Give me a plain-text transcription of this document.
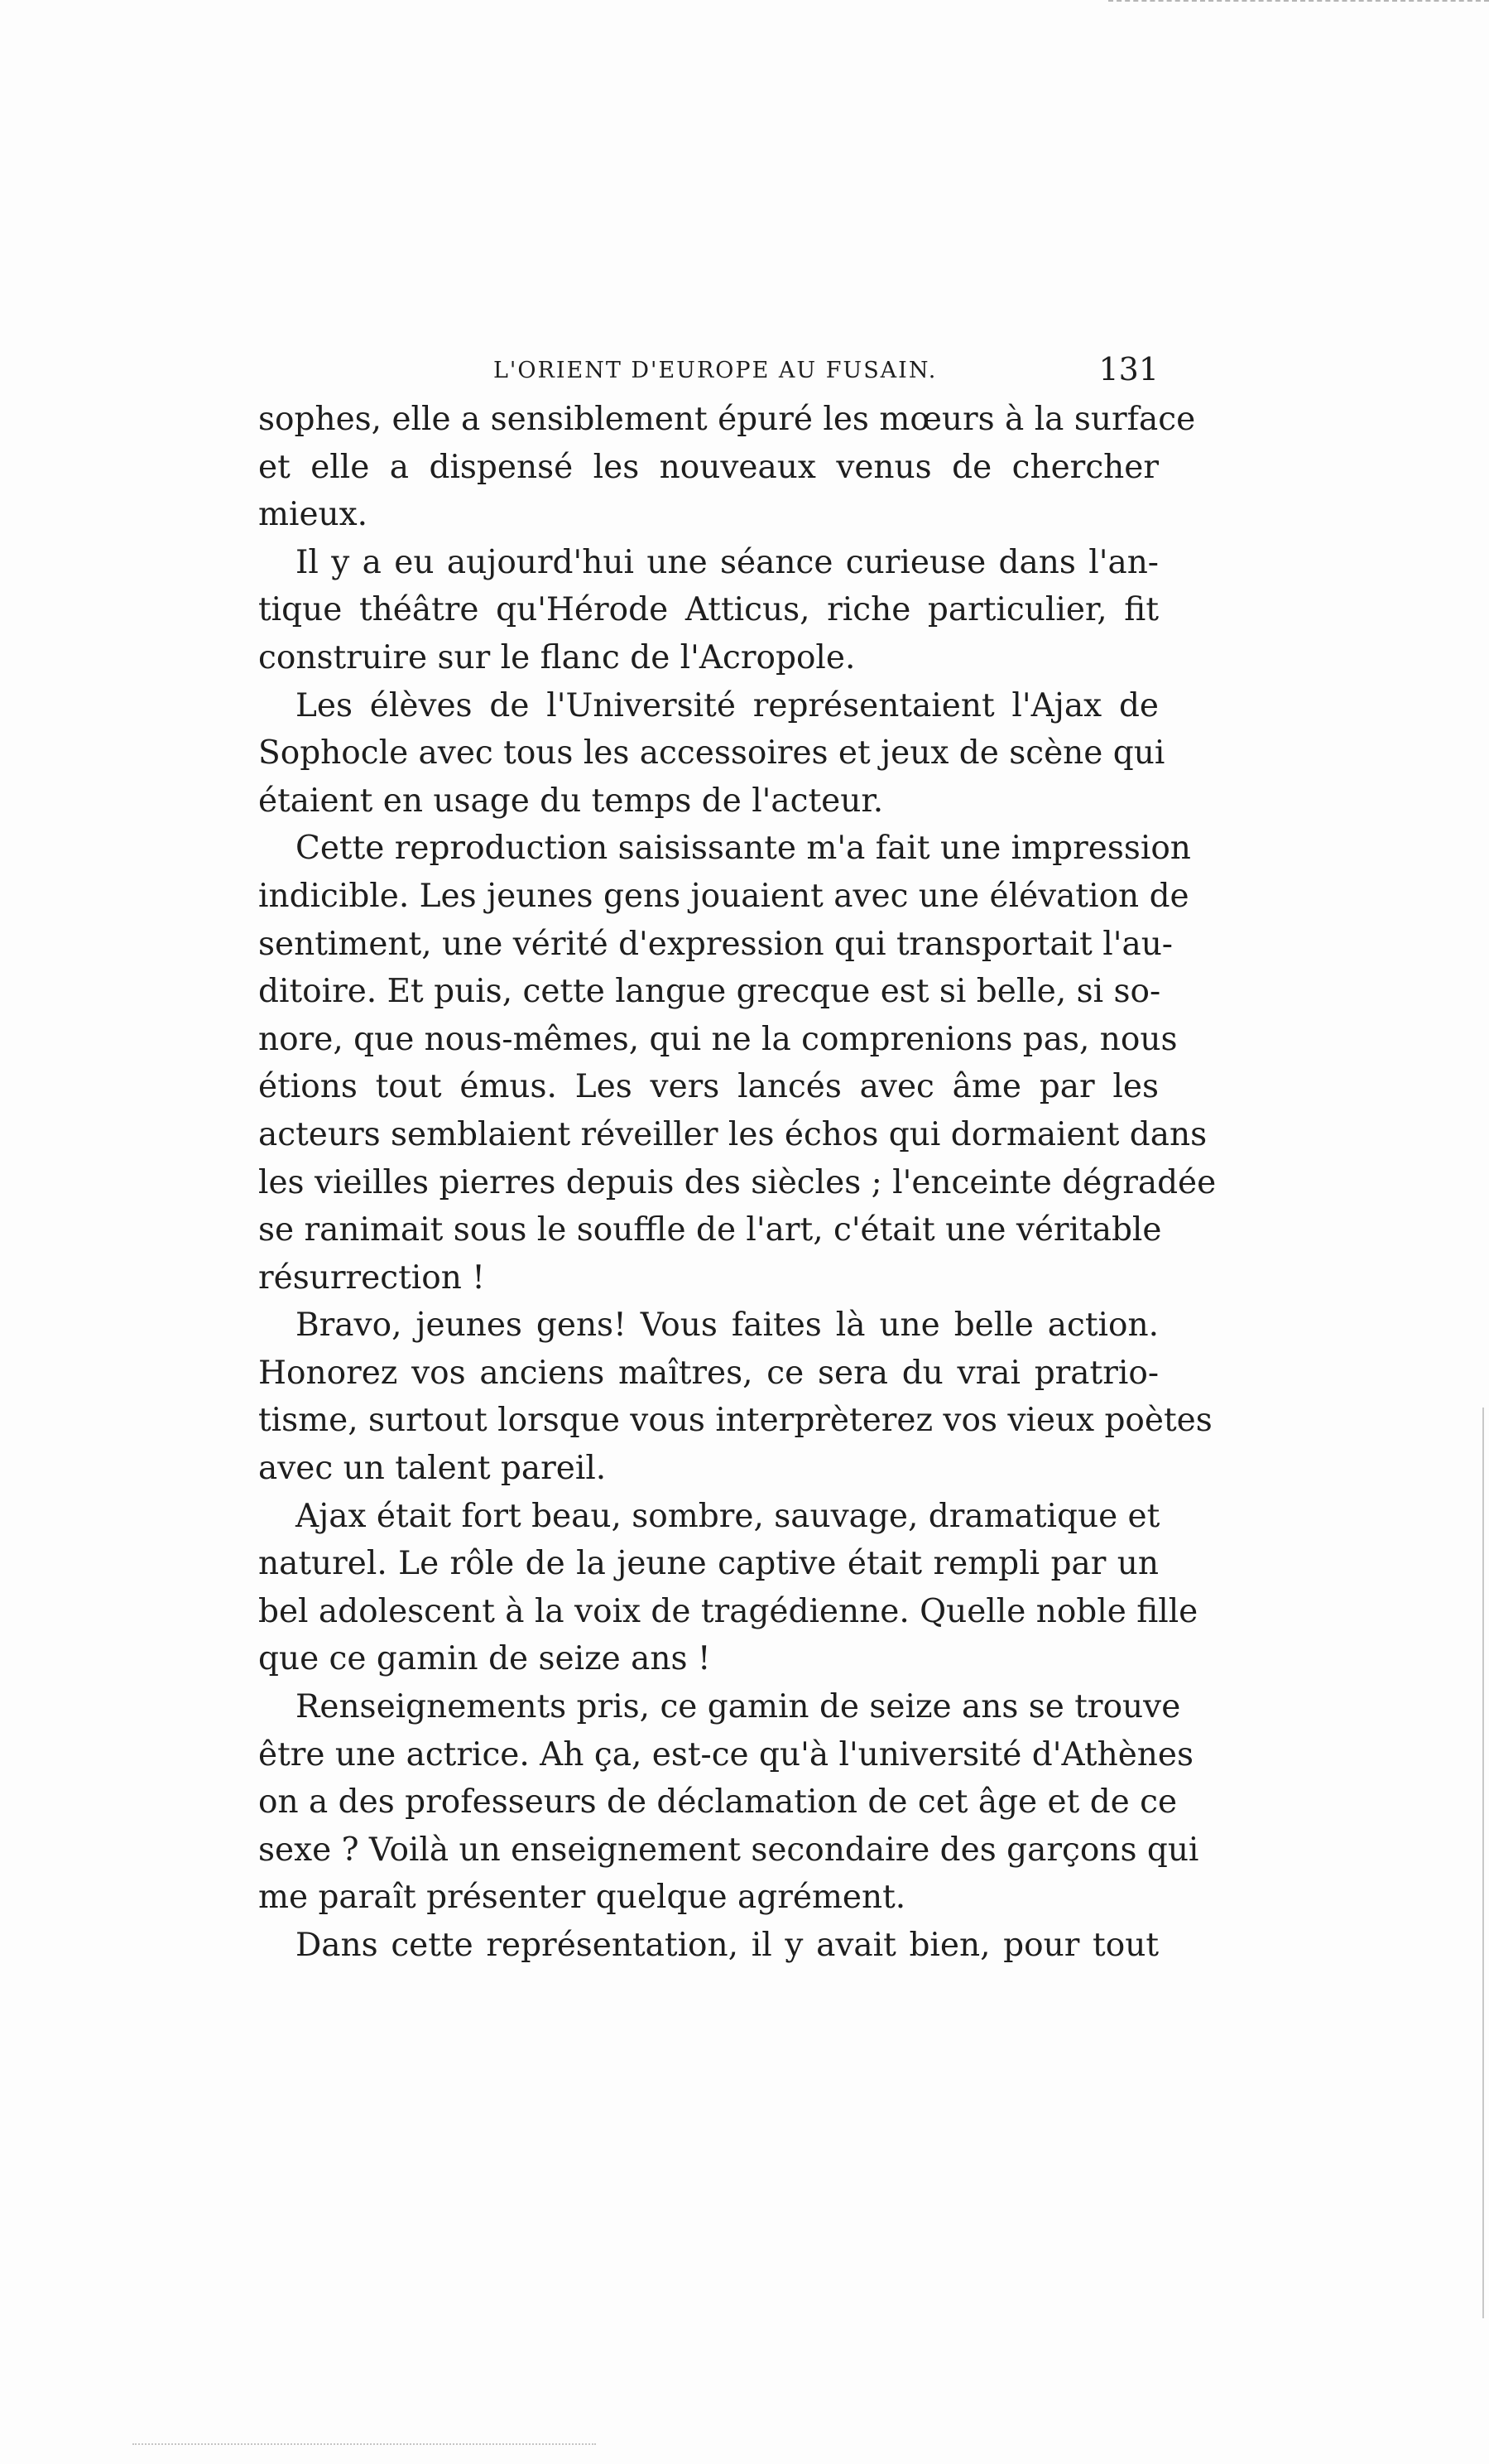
L'ORIENT D'EUROPE AU FUSAIN.	131
sophes, elle a sensiblement épuré les mœurs à la surface
et elle a dispensé les nouveaux venus de chercher
mieux.
Il y a eu aujourd'hui une séance curieuse dans l'an-
tique théâtre qu'Hérode Atticus, riche particulier, fit
construire sur le flanc de l'Acropole.
Les élèves de l'Université représentaient l'Ajax de
Sophocle avec tous les accessoires et jeux de scène qui
étaient en usage du temps de l'acteur.
Cette reproduction saisissante m'a fait une impression
indicible. Les jeunes gens jouaient avec une élévation de
sentiment, une vérité d'expression qui transportait l'au-
ditoire. Et puis, cette langue grecque est si belle, si so-
nore, que nous-mêmes, qui ne la comprenions pas, nous
étions tout émus. Les vers lancés avec âme par les
acteurs semblaient réveiller les échos qui dormaient dans
les vieilles pierres depuis des siècles ; l'enceinte dégradée
se ranimait sous le souffle de l'art, c'était une véritable
résurrection !
Bravo, jeunes gens! Vous faites là une belle action.
Honorez vos anciens maîtres, ce sera du vrai pratrio-
tisme, surtout lorsque vous interprèterez vos vieux poètes
avec un talent pareil.
Ajax était fort beau, sombre, sauvage, dramatique et
naturel. Le rôle de la jeune captive était rempli par un
bel adolescent à la voix de tragédienne. Quelle noble fille
que ce gamin de seize ans !
Renseignements pris, ce gamin de seize ans se trouve
être une actrice. Ah ça, est-ce qu'à l'université d'Athènes
on a des professeurs de déclamation de cet âge et de ce
sexe ? Voilà un enseignement secondaire des garçons qui
me paraît présenter quelque agrément.
Dans cette représentation, il y avait bien, pour tout
